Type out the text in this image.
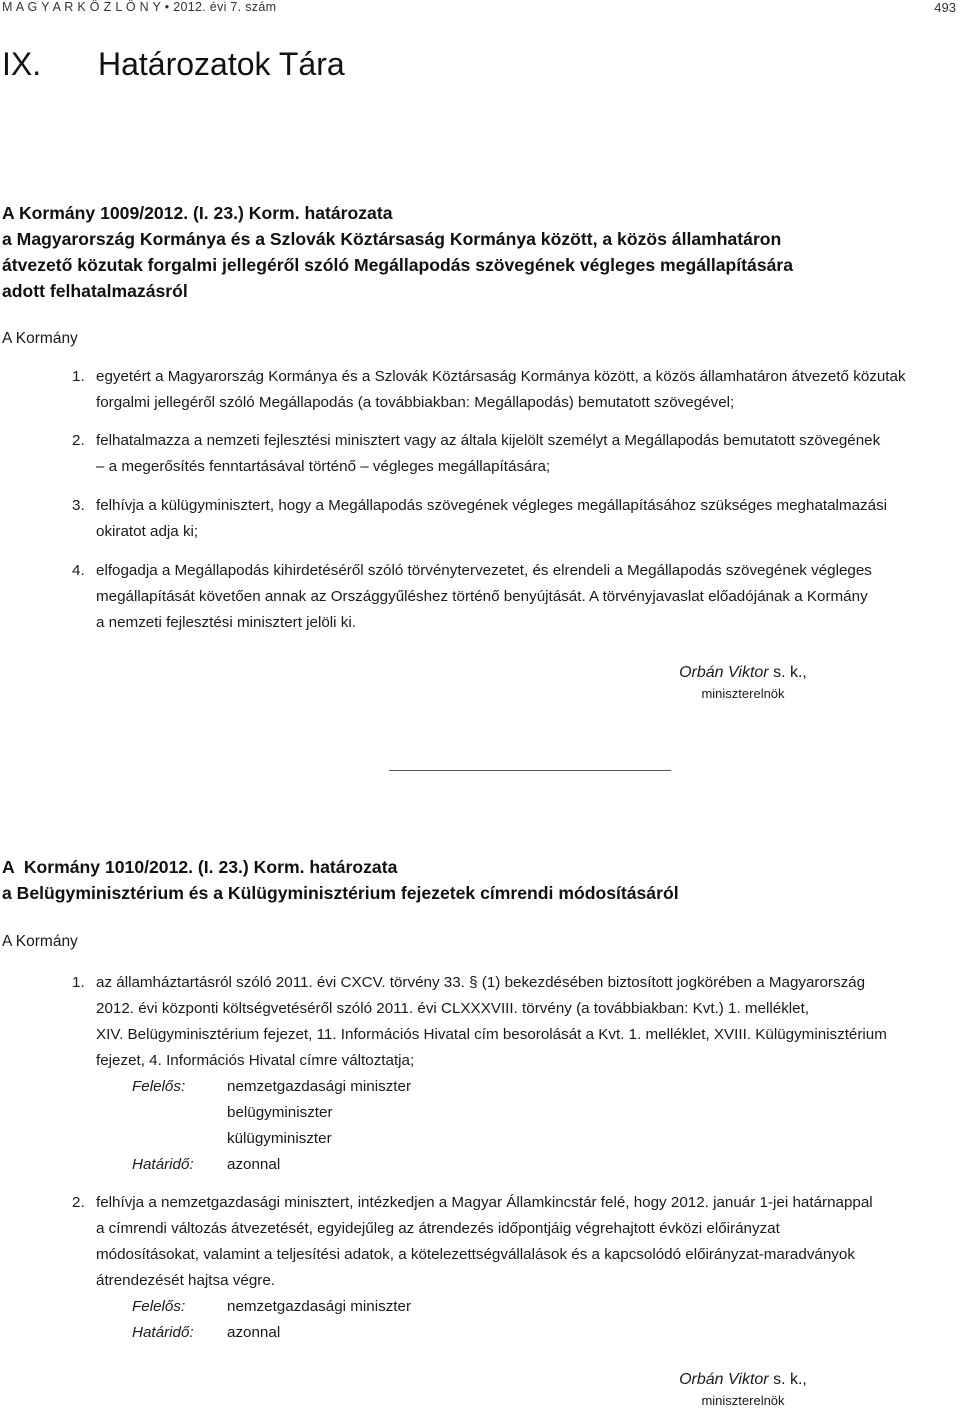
M A G Y A R K Ö Z L Ö N Y • 2012. évi 7. szám	493
IX. Határozatok Tára

A Kormány 1009/2012. (I. 23.) Korm. határozata

a Magyarország Kormánya és a Szlovák Köztársaság Kormánya között, a közös államhatáron

átvezető közutak forgalmi jellegéről szóló Megállapodás szövegének végleges megállapítására

adott felhatalmazásról

A Kormány
1. egyetért a Magyarország Kormánya és a Szlovák Köztársaság Kormánya között, a közös államhatáron átvezető közutak

forgalmi jellegéről szóló Megállapodás (a továbbiakban: Megállapodás) bemutatott szövegével;

2. felhatalmazza a nemzeti fejlesztési minisztert vagy az általa kijelölt személyt a Megállapodás bemutatott szövegének

– a megerősítés fenntartásával történő – végleges megállapítására;

3. felhívja a külügyminisztert, hogy a Megállapodás szövegének végleges megállapításához szükséges meghatalmazási

okiratot adja ki;

4. elfogadja a Megállapodás kihirdetéséről szóló törvénytervezetet, és elrendeli a Megállapodás szövegének végleges

megállapítását követően annak az Országgyűléshez történő benyújtását. A törvényjavaslat előadójának a Kormány

a nemzeti fejlesztési minisztert jelöli ki.

Orbán Viktor s. k.,
miniszterelnök

A  Kormány 1010/2012. (I. 23.) Korm. határozata

a Belügyminisztérium és a Külügyminisztérium fejezetek címrendi módosításáról

A Kormány
1. az államháztartásról szóló 2011. évi CXCV. törvény 33. § (1) bekezdésében biztosított jogkörében a Magyarország

2012. évi központi költségvetéséről szóló 2011. évi CLXXXVIII. törvény (a továbbiakban: Kvt.) 1. melléklet,

XIV. Belügyminisztérium fejezet, 11. Információs Hivatal cím besorolását a Kvt. 1. melléklet, XVIII. Külügyminisztérium

fejezet, 4. Információs Hivatal címre változtatja;

Felelős:	nemzetgazdasági miniszter
belügyminiszter
külügyminiszter
Határidő: azonnal
2. felhívja a nemzetgazdasági minisztert, intézkedjen a Magyar Államkincstár felé, hogy 2012. január 1-jei határnappal

a címrendi változás átvezetését, egyidejűleg az átrendezés időpontjáig végrehajtott évközi előirányzat

módosításokat, valamint a teljesítési adatok, a kötelezettségvállalások és a kapcsolódó előirányzat-maradványok

átrendezését hajtsa végre.

Felelős:	nemzetgazdasági miniszter
Határidő: azonnal
Orbán Viktor s. k.,
miniszterelnök
